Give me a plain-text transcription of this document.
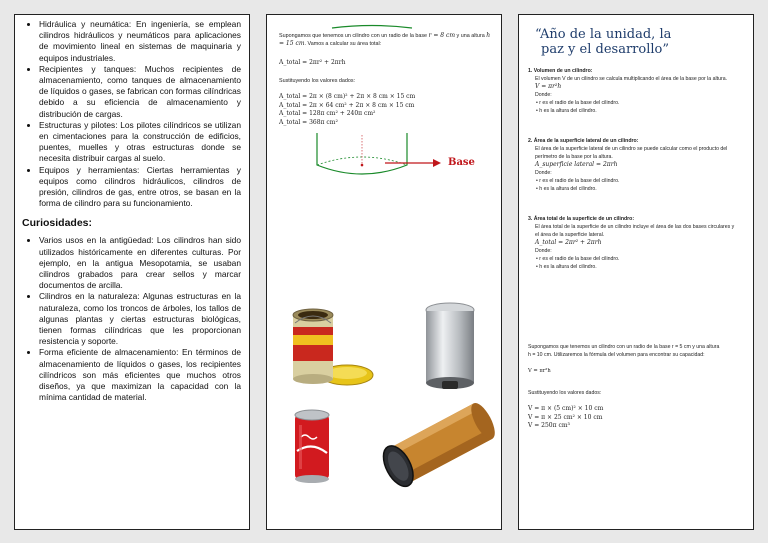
• Hidráulica y neumática: En ingeniería, se emplean cilindros hidráulicos y neumáticos para aplicaciones de movimiento lineal en sistemas de maquinaria y equipos industriales.
• Recipientes y tanques: Muchos recipientes de almacenamiento, como tanques de almacenamiento de líquidos o gases, se fabrican con formas cilíndricas debido a su eficiencia de almacenamiento y distribución de cargas.
• Estructuras y pilotes: Los pilotes cilíndricos se utilizan en cimentaciones para la construcción de edificios, puentes, muelles y otras estructuras donde se necesita distribuir cargas al suelo.
• Equipos y herramientas: Ciertas herramientas y equipos como cilindros hidráulicos, cilindros de presión, cilindros de gas, entre otros, se basan en la forma de cilindro para su funcionamiento.
Curiosidades:
• Varios usos en la antigüedad: Los cilindros han sido utilizados históricamente en diferentes culturas. Por ejemplo, en la antigua Mesopotamia, se usaban cilindros grabados para crear sellos y marcar documentos de arcilla.
• Cilindros en la naturaleza: Algunas estructuras en la naturaleza, como los troncos de árboles, los tallos de algunas plantas y ciertas estructuras biológicas, tienen formas cilíndricas que les proporcionan resistencia y soporte.
• Forma eficiente de almacenamiento: En términos de almacenamiento de líquidos o gases, los recipientes cilíndricos son más eficientes que muchos otros diseños, ya que maximizan la capacidad con la mínima cantidad de material.
Supongamos que tenemos un cilindro con un radio de la base r = 8 cm y una altura h = 15 cm. Vamos a calcular su área total:
A_total = 2πr² + 2πrh
Sustituyendo los valores dados:
Base
A_total = 2π × (8 cm)² + 2π × 8 cm × 15 cm
A_total = 2π × 64 cm² + 2π × 8 cm × 15 cm
A_total = 128π cm² + 240π cm²
A_total = 368π cm²
“Año de la unidad, la
paz y el desarrollo”
1. Volumen de un cilindro:
El volumen V de un cilindro se calcula multiplicando el área de la base por la altura.
V = πr²h
Donde:
• r es el radio de la base del cilindro.
• h es la altura del cilindro.
2. Área de la superficie lateral de un cilindro:
El área de la superficie lateral de un cilindro se puede calcular como el producto del
perímetro de la base por la altura.
A_superficie lateral = 2πrh
Donde:
• r es el radio de la base del cilindro.
• h es la altura del cilindro.
3. Área total de la superficie de un cilindro:
El área total de la superficie de un cilindro incluye el área de las dos bases circulares y
el área de la superficie lateral.
A_total = 2πr² + 2πrh
Donde:
• r es el radio de la base del cilindro.
• h es la altura del cilindro.
Supongamos que tenemos un cilindro con un radio de la base r = 5 cm y una altura
h = 10 cm. Utilizaremos la fórmula del volumen para encontrar su capacidad:
V = πr²h
Sustituyendo los valores dados:
V = π × (5 cm)² × 10 cm
V = π × 25 cm² × 10 cm
V = 250π cm³
